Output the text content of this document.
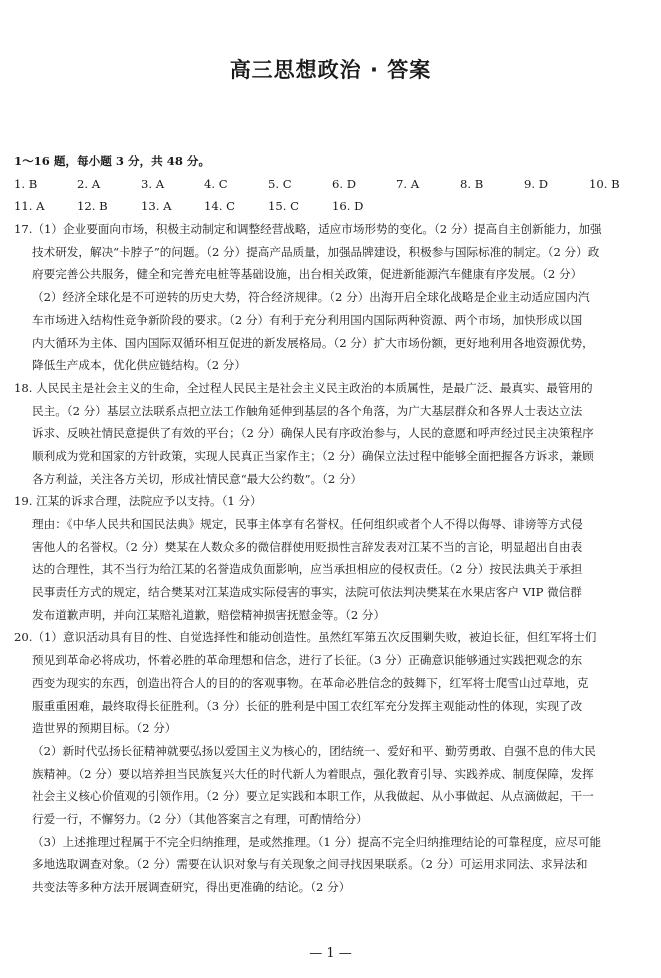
高三思想政治 · 答案
1～16 题，每小题 3 分，共 48 分。
1. B	2. A	3. A	4. C	5. C	6. D	7. A	8. B	9. D	10. B
11. A	12. B	13. A	14. C	15. C	16. D
17.（1）企业要面向市场，积极主动制定和调整经营战略，适应市场形势的变化。（2 分）提高自主创新能力，加强
技术研发，解决“卡脖子”的问题。（2 分）提高产品质量，加强品牌建设，积极参与国际标准的制定。（2 分）政
府要完善公共服务，健全和完善充电桩等基础设施，出台相关政策，促进新能源汽车健康有序发展。（2 分）
（2）经济全球化是不可逆转的历史大势，符合经济规律。（2 分）出海开启全球化战略是企业主动适应国内汽
车市场进入结构性竞争新阶段的要求。（2 分）有利于充分利用国内国际两种资源、两个市场，加快形成以国
内大循环为主体、国内国际双循环相互促进的新发展格局。（2 分）扩大市场份额，更好地利用各地资源优势，
降低生产成本，优化供应链结构。（2 分）
18. 人民民主是社会主义的生命，全过程人民民主是社会主义民主政治的本质属性，是最广泛、最真实、最管用的
民主。（2 分）基层立法联系点把立法工作触角延伸到基层的各个角落，为广大基层群众和各界人士表达立法
诉求、反映社情民意提供了有效的平台；（2 分）确保人民有序政治参与，人民的意愿和呼声经过民主决策程序
顺利成为党和国家的方针政策，实现人民真正当家作主；（2 分）确保立法过程中能够全面把握各方诉求，兼顾
各方利益，关注各方关切，形成社情民意“最大公约数”。（2 分）
19. 江某的诉求合理，法院应予以支持。（1 分）
理由：《中华人民共和国民法典》规定，民事主体享有名誉权。任何组织或者个人不得以侮辱、诽谤等方式侵
害他人的名誉权。（2 分）樊某在人数众多的微信群使用贬损性言辞发表对江某不当的言论，明显超出自由表
达的合理性，其不当行为给江某的名誉造成负面影响，应当承担相应的侵权责任。（2 分）按民法典关于承担
民事责任方式的规定，结合樊某对江某造成实际侵害的事实，法院可依法判决樊某在水果店客户 VIP 微信群
发布道歉声明，并向江某赔礼道歉，赔偿精神损害抚慰金等。（2 分）
20.（1）意识活动具有目的性、自觉选择性和能动创造性。虽然红军第五次反围剿失败，被迫长征，但红军将士们
预见到革命必将成功，怀着必胜的革命理想和信念，进行了长征。（3 分）正确意识能够通过实践把观念的东
西变为现实的东西，创造出符合人的目的的客观事物。在革命必胜信念的鼓舞下，红军将士爬雪山过草地，克
服重重困难，最终取得长征胜利。（3 分）长征的胜利是中国工农红军充分发挥主观能动性的体现，实现了改
造世界的预期目标。（2 分）
（2）新时代弘扬长征精神就要弘扬以爱国主义为核心的，团结统一、爱好和平、勤劳勇敢、自强不息的伟大民
族精神。（2 分）要以培养担当民族复兴大任的时代新人为着眼点，强化教育引导、实践养成、制度保障，发挥
社会主义核心价值观的引领作用。（2 分）要立足实践和本职工作，从我做起、从小事做起、从点滴做起，干一
行爱一行，不懈努力。（2 分）（其他答案言之有理，可酌情给分）
（3）上述推理过程属于不完全归纳推理，是或然推理。（1 分）提高不完全归纳推理结论的可靠程度，应尽可能
多地选取调查对象。（2 分）需要在认识对象与有关现象之间寻找因果联系。（2 分）可运用求同法、求异法和
共变法等多种方法开展调查研究，得出更准确的结论。（2 分）
— 1 —
